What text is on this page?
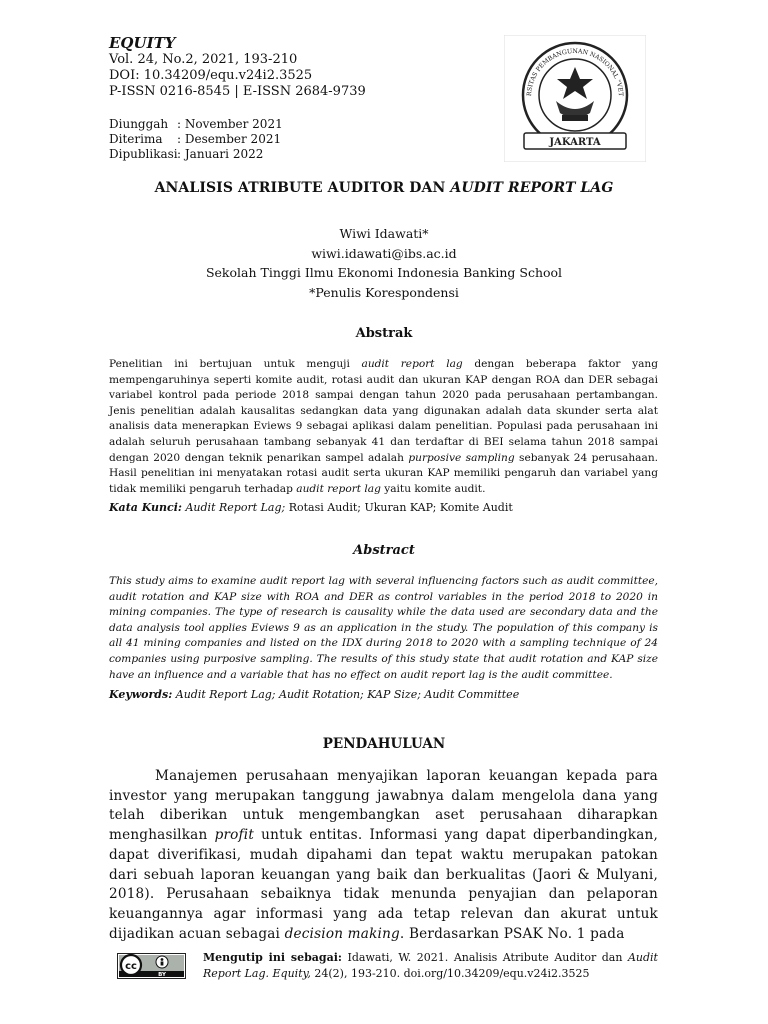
EQUITY
Vol. 24, No.2, 2021, 193-210
DOI: 10.34209/equ.v24i2.3525
P-ISSN 0216-8545 | E-ISSN 2684-9739
Diunggah : November 2021
Diterima	: Desember 2021
Dipublikasi : Januari 2022
RSITAS PEMBANGUNAN NASIONAL "VET
JAKARTA
ANALISIS ATRIBUTE AUDITOR DAN AUDIT REPORT LAG
Wiwi Idawati*
wiwi.idawati@ibs.ac.id
Sekolah Tinggi Ilmu Ekonomi Indonesia Banking School
*Penulis Korespondensi
Abstrak
Penelitian ini bertujuan untuk menguji audit report lag dengan beberapa faktor yang mempengaruhinya seperti komite audit, rotasi audit dan ukuran KAP dengan ROA dan DER sebagai variabel kontrol pada periode 2018 sampai dengan tahun 2020 pada perusahaan pertambangan. Jenis penelitian adalah kausalitas sedangkan data yang digunakan adalah data skunder serta alat analisis data menerapkan Eviews 9 sebagai aplikasi dalam penelitian. Populasi pada perusahaan ini adalah seluruh perusahaan tambang sebanyak 41 dan terdaftar di BEI selama tahun 2018 sampai dengan 2020 dengan teknik penarikan sampel adalah purposive sampling sebanyak 24 perusahaan. Hasil penelitian ini menyatakan rotasi audit serta ukuran KAP memiliki pengaruh dan variabel yang tidak memiliki pengaruh terhadap audit report lag yaitu komite audit.
Kata Kunci: Audit Report Lag; Rotasi Audit; Ukuran KAP; Komite Audit
Abstract
This study aims to examine audit report lag with several influencing factors such as audit committee, audit rotation and KAP size with ROA and DER as control variables in the period 2018 to 2020 in mining companies. The type of research is causality while the data used are secondary data and the data analysis tool applies Eviews 9 as an application in the study. The population of this company is all 41 mining companies and listed on the IDX during 2018 to 2020 with a sampling technique of 24 companies using purposive sampling. The results of this study state that audit rotation and KAP size have an influence and a variable that has no effect on audit report lag is the audit committee.
Keywords: Audit Report Lag; Audit Rotation; KAP Size; Audit Committee
PENDAHULUAN
Manajemen perusahaan menyajikan laporan keuangan kepada para investor yang merupakan tanggung jawabnya dalam mengelola dana yang telah diberikan untuk mengembangkan aset perusahaan diharapkan menghasilkan profit untuk entitas. Informasi yang dapat diperbandingkan, dapat diverifikasi, mudah dipahami dan tepat waktu merupakan patokan dari sebuah laporan keuangan yang baik dan berkualitas (Jaori & Mulyani, 2018). Perusahaan sebaiknya tidak menunda penyajian dan pelaporan keuangannya agar informasi yang ada tetap relevan dan akurat untuk dijadikan acuan sebagai decision making. Berdasarkan PSAK No. 1 pada
cc
BY
Mengutip ini sebagai: Idawati, W. 2021. Analisis Atribute Auditor dan Audit Report Lag. Equity, 24(2), 193-210. doi.org/10.34209/equ.v24i2.3525
